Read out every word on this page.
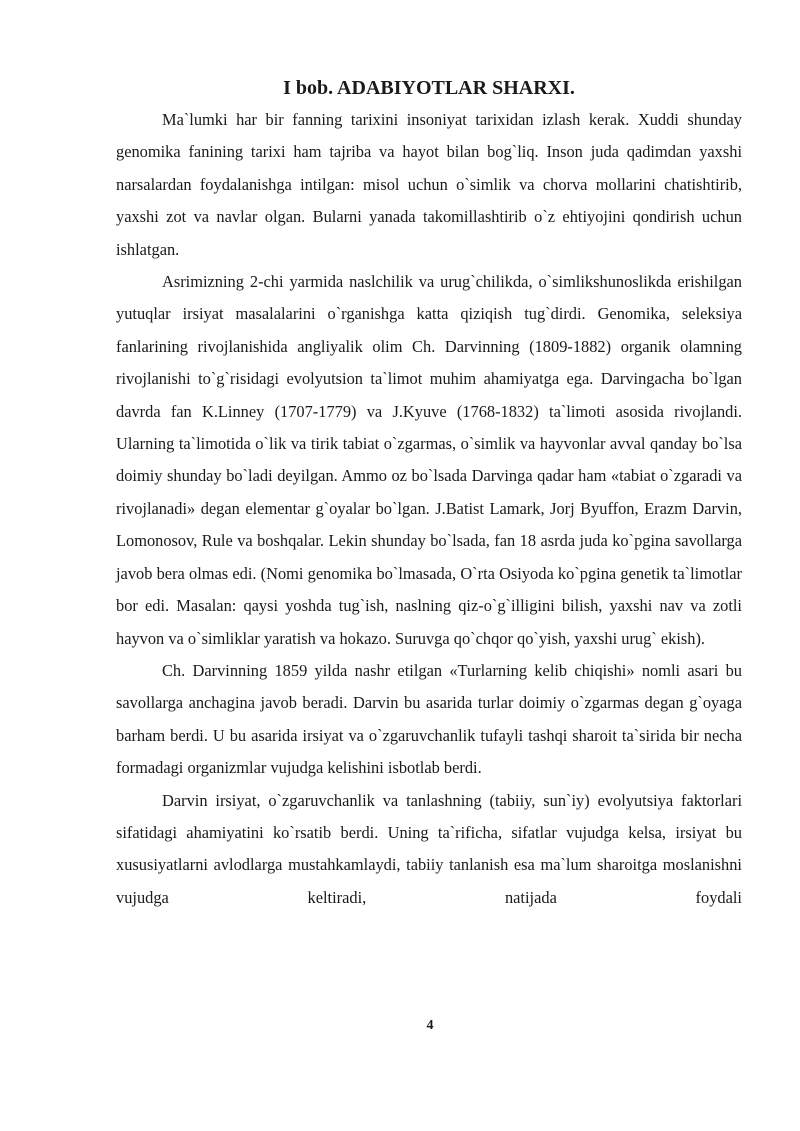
I bob. ADABIYOTLAR SHARXI.

Ma`lumki har bir fanning tarixini insoniyat tarixidan izlash kerak. Xuddi shunday genomika fanining tarixi ham tajriba va hayot bilan bog`liq. Inson juda qadimdan yaxshi narsalardan foydalanishga intilgan: misol uchun o`simlik va chorva mollarini chatishtirib, yaxshi zot va navlar olgan. Bularni yanada takomillashtirib o`z ehtiyojini qondirish uchun ishlatgan.

Asrimizning 2-chi yarmida naslchilik va urug`chilikda, o`simlikshunoslikda erishilgan yutuqlar irsiyat masalalarini o`rganishga katta qiziqish tug`dirdi. Genomika, seleksiya fanlarining rivojlanishida angliyalik olim Ch. Darvinning (1809-1882) organik olamning rivojlanishi to`g`risidagi evolyutsion ta`limot muhim ahamiyatga ega. Darvingacha bo`lgan davrda fan K.Linney (1707-1779) va J.Kyuve (1768-1832) ta`limoti asosida rivojlandi. Ularning ta`limotida o`lik va tirik tabiat o`zgarmas, o`simlik va hayvonlar avval qanday bo`lsa doimiy shunday bo`ladi deyilgan. Ammo oz bo`lsada Darvinga qadar ham «tabiat o`zgaradi va rivojlanadi» degan elementar g`oyalar bo`lgan. J.Batist Lamark, Jorj Byuffon, Erazm Darvin, Lomonosov, Rule va boshqalar. Lekin shunday bo`lsada, fan 18 asrda juda ko`pgina savollarga javob bera olmas edi. (Nomi genomika bo`lmasada, O`rta Osiyoda ko`pgina genetik ta`limotlar bor edi. Masalan: qaysi yoshda tug`ish, naslning qiz-o`g`illigini bilish, yaxshi nav va zotli hayvon va o`simliklar yaratish va hokazo. Suruvga qo`chqor qo`yish, yaxshi urug` ekish).

Ch. Darvinning 1859 yilda nashr etilgan «Turlarning kelib chiqishi» nomli asari bu savollarga anchagina javob beradi. Darvin bu asarida turlar doimiy o`zgarmas degan g`oyaga barham berdi. U bu asarida irsiyat va o`zgaruvchanlik tufayli tashqi sharoit ta`sirida bir necha formadagi organizmlar vujudga kelishini isbotlab berdi.

Darvin irsiyat, o`zgaruvchanlik va tanlashning (tabiiy, sun`iy) evolyutsiya faktorlari sifatidagi ahamiyatini ko`rsatib berdi. Uning ta`rificha, sifatlar vujudga kelsa, irsiyat bu xususiyatlarni avlodlarga mustahkamlaydi, tabiiy tanlanish esa ma`lum sharoitga moslanishni vujudga keltiradi, natijada foydali

4
